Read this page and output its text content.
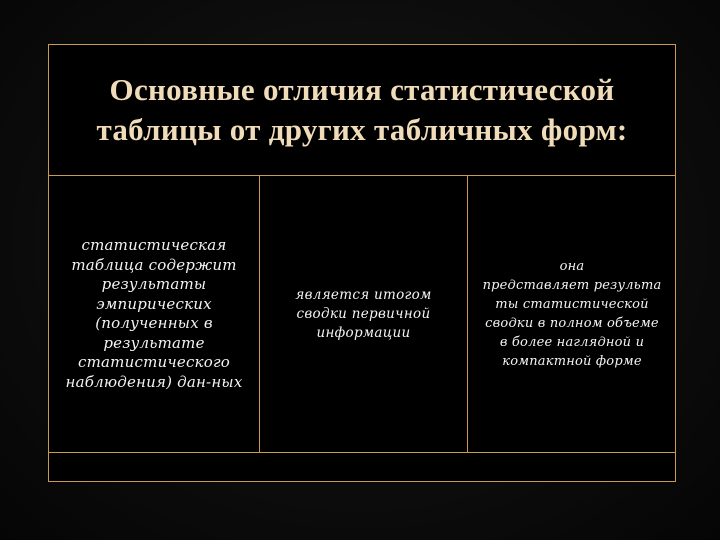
Основные отличия статистической
таблицы от других табличных форм:
статистическая
таблица содержит
результаты
эмпирических
(полученных в
результате
статистического
наблюдения) дан-ных
является итогом
сводки первичной
информации
она
представляет результа
ты статистической
сводки в полном объеме
в более наглядной и
компактной форме
